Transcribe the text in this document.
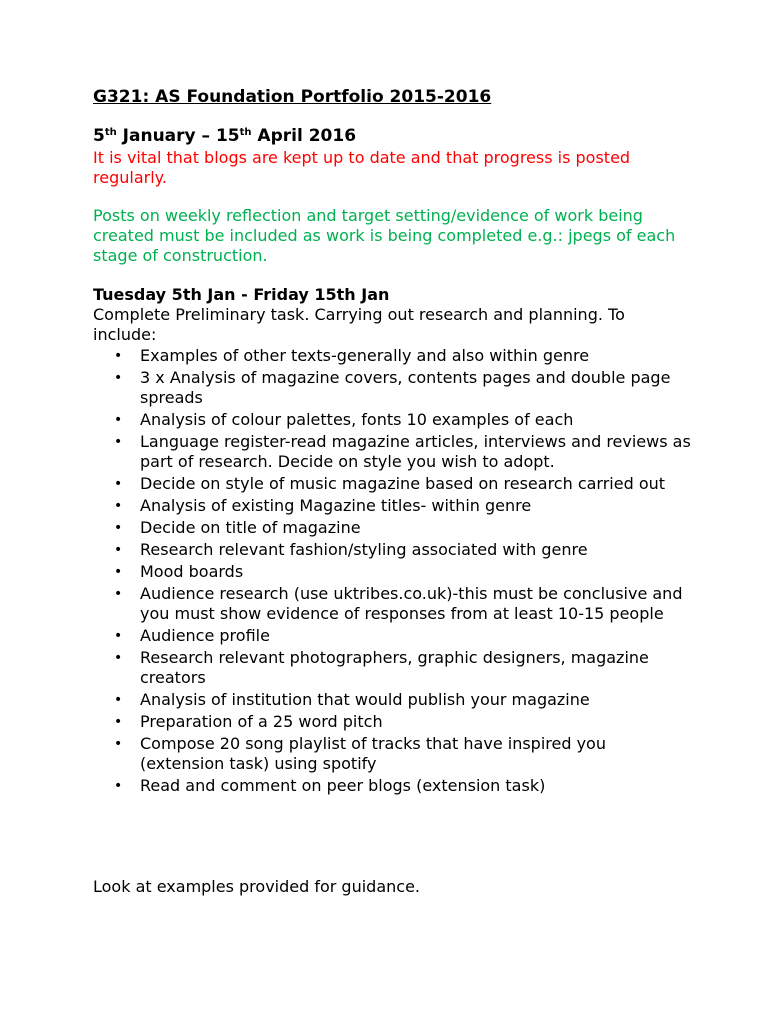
G321: AS Foundation Portfolio 2015-2016
5th January – 15th April 2016
It is vital that blogs are kept up to date and that progress is posted regularly.
Posts on weekly reflection and target setting/evidence of work being created must be included as work is being completed e.g.: jpegs of each stage of construction.
Tuesday 5th Jan - Friday 15th Jan
Complete Preliminary task. Carrying out research and planning. To include:
• Examples of other texts-generally and also within genre
• 3 x Analysis of magazine covers, contents pages and double page spreads
• Analysis of colour palettes, fonts 10 examples of each
• Language register-read magazine articles, interviews and reviews as part of research. Decide on style you wish to adopt.
• Decide on style of music magazine based on research carried out
• Analysis of existing Magazine titles- within genre
• Decide on title of magazine
• Research relevant fashion/styling associated with genre
• Mood boards
• Audience research (use uktribes.co.uk)-this must be conclusive and you must show evidence of responses from at least 10-15 people
• Audience profile
• Research relevant photographers, graphic designers, magazine creators
• Analysis of institution that would publish your magazine
• Preparation of a 25 word pitch
• Compose 20 song playlist of tracks that have inspired you (extension task) using spotify
• Read and comment on peer blogs (extension task)
Look at examples provided for guidance.
